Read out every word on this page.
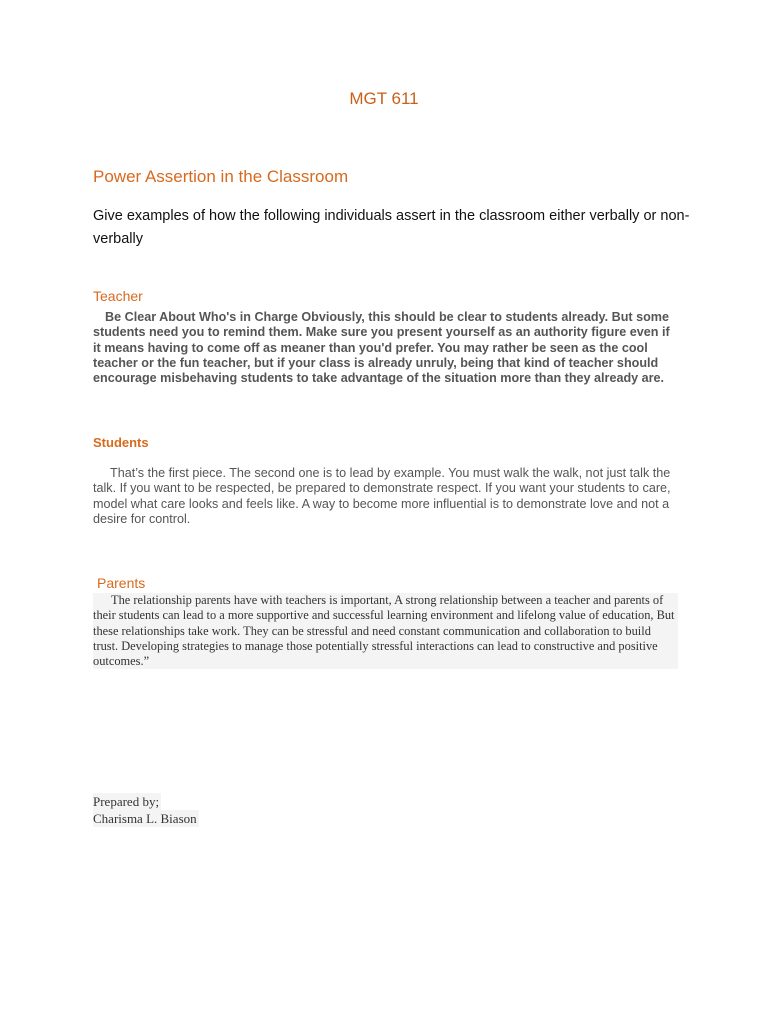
MGT 611
Power Assertion in the Classroom
Give examples of how the following individuals assert in the classroom either verbally or non-verbally
Teacher

Be Clear About Who's in Charge Obviously, this should be clear to students already. But some students need you to remind them. Make sure you present yourself as an authority figure even if it means having to come off as meaner than you'd prefer. You may rather be seen as the cool teacher or the fun teacher, but if your class is already unruly, being that kind of teacher should encourage misbehaving students to take advantage of the situation more than they already are.

Students

That’s the first piece. The second one is to lead by example. You must walk the walk, not just talk the talk. If you want to be respected, be prepared to demonstrate respect. If you want your students to care, model what care looks and feels like. A way to become more influential is to demonstrate love and not a desire for control.

Parents

The relationship parents have with teachers is important, A strong relationship between a teacher and parents of their students can lead to a more supportive and successful learning environment and lifelong value of education, But these relationships take work. They can be stressful and need constant communication and collaboration to build trust. Developing strategies to manage those potentially stressful interactions can lead to constructive and positive outcomes.”

Prepared by;
Charisma L. Biason
